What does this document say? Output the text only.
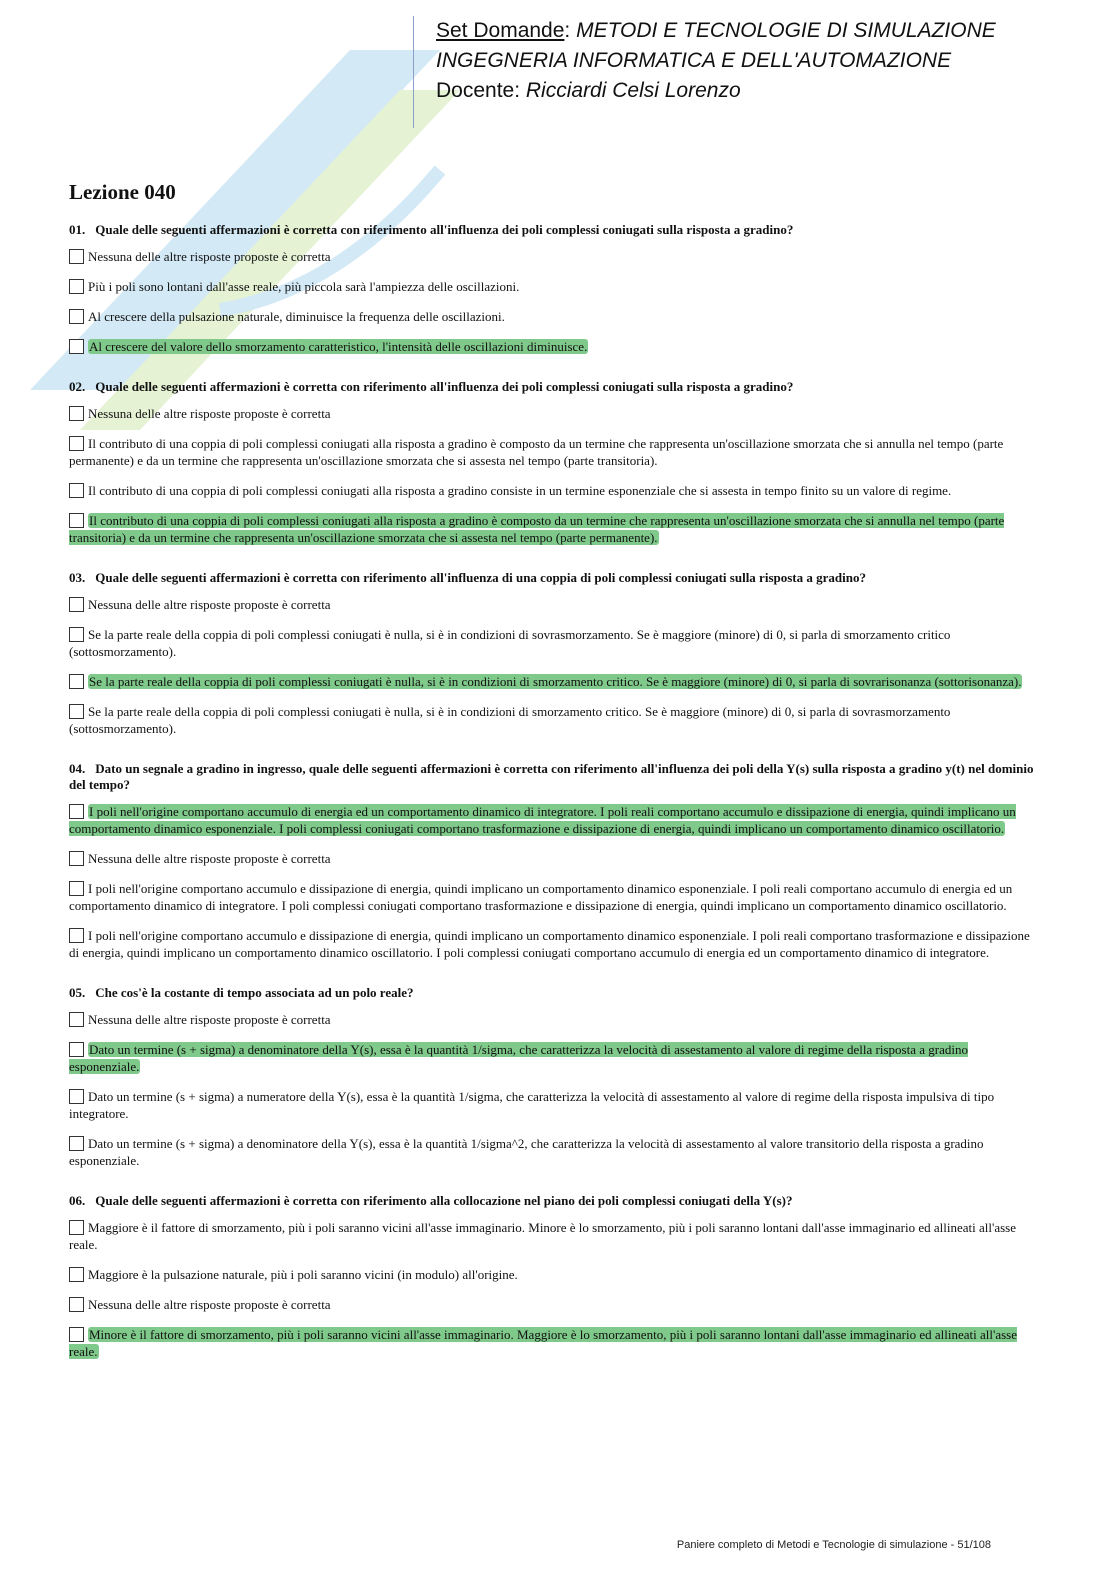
Set Domande: METODI E TECNOLOGIE DI SIMULAZIONE
INGEGNERIA INFORMATICA E DELL'AUTOMAZIONE
Docente: Ricciardi Celsi Lorenzo
Lezione 040

01. Quale delle seguenti affermazioni è corretta con riferimento all'influenza dei poli complessi coniugati sulla risposta a gradino?

Nessuna delle altre risposte proposte è corretta

Più i poli sono lontani dall'asse reale, più piccola sarà l'ampiezza delle oscillazioni.

Al crescere della pulsazione naturale, diminuisce la frequenza delle oscillazioni.

Al crescere del valore dello smorzamento caratteristico, l'intensità delle oscillazioni diminuisce.

02. Quale delle seguenti affermazioni è corretta con riferimento all'influenza dei poli complessi coniugati sulla risposta a gradino?

Nessuna delle altre risposte proposte è corretta

Il contributo di una coppia di poli complessi coniugati alla risposta a gradino è composto da un termine che rappresenta un'oscillazione smorzata che si annulla nel tempo (parte permanente) e da un termine che rappresenta un'oscillazione smorzata che si assesta nel tempo (parte transitoria).

Il contributo di una coppia di poli complessi coniugati alla risposta a gradino consiste in un termine esponenziale che si assesta in tempo finito su un valore di regime.

Il contributo di una coppia di poli complessi coniugati alla risposta a gradino è composto da un termine che rappresenta un'oscillazione smorzata che si annulla nel tempo (parte transitoria) e da un termine che rappresenta un'oscillazione smorzata che si assesta nel tempo (parte permanente).

03. Quale delle seguenti affermazioni è corretta con riferimento all'influenza di una coppia di poli complessi coniugati sulla risposta a gradino?

Nessuna delle altre risposte proposte è corretta

Se la parte reale della coppia di poli complessi coniugati è nulla, si è in condizioni di sovrasmorzamento. Se è maggiore (minore) di 0, si parla di smorzamento critico (sottosmorzamento).

Se la parte reale della coppia di poli complessi coniugati è nulla, si è in condizioni di smorzamento critico. Se è maggiore (minore) di 0, si parla di sovrarisonanza (sottorisonanza).

Se la parte reale della coppia di poli complessi coniugati è nulla, si è in condizioni di smorzamento critico. Se è maggiore (minore) di 0, si parla di sovrasmorzamento (sottosmorzamento).

04. Dato un segnale a gradino in ingresso, quale delle seguenti affermazioni è corretta con riferimento all'influenza dei poli della Y(s) sulla risposta a gradino y(t) nel dominio del tempo?

I poli nell'origine comportano accumulo di energia ed un comportamento dinamico di integratore. I poli reali comportano accumulo e dissipazione di energia, quindi implicano un comportamento dinamico esponenziale. I poli complessi coniugati comportano trasformazione e dissipazione di energia, quindi implicano un comportamento dinamico oscillatorio.

Nessuna delle altre risposte proposte è corretta

I poli nell'origine comportano accumulo e dissipazione di energia, quindi implicano un comportamento dinamico esponenziale. I poli reali comportano accumulo di energia ed un comportamento dinamico di integratore. I poli complessi coniugati comportano trasformazione e dissipazione di energia, quindi implicano un comportamento dinamico oscillatorio.

I poli nell'origine comportano accumulo e dissipazione di energia, quindi implicano un comportamento dinamico esponenziale. I poli reali comportano trasformazione e dissipazione di energia, quindi implicano un comportamento dinamico oscillatorio. I poli complessi coniugati comportano accumulo di energia ed un comportamento dinamico di integratore.

05. Che cos'è la costante di tempo associata ad un polo reale?

Nessuna delle altre risposte proposte è corretta

Dato un termine (s + sigma) a denominatore della Y(s), essa è la quantità 1/sigma, che caratterizza la velocità di assestamento al valore di regime della risposta a gradino esponenziale.

Dato un termine (s + sigma) a numeratore della Y(s), essa è la quantità 1/sigma, che caratterizza la velocità di assestamento al valore di regime della risposta impulsiva di tipo integratore.

Dato un termine (s + sigma) a denominatore della Y(s), essa è la quantità 1/sigma^2, che caratterizza la velocità di assestamento al valore transitorio della risposta a gradino esponenziale.

06. Quale delle seguenti affermazioni è corretta con riferimento alla collocazione nel piano dei poli complessi coniugati della Y(s)?

Maggiore è il fattore di smorzamento, più i poli saranno vicini all'asse immaginario. Minore è lo smorzamento, più i poli saranno lontani dall'asse immaginario ed allineati all'asse reale.

Maggiore è la pulsazione naturale, più i poli saranno vicini (in modulo) all'origine.

Nessuna delle altre risposte proposte è corretta

Minore è il fattore di smorzamento, più i poli saranno vicini all'asse immaginario. Maggiore è lo smorzamento, più i poli saranno lontani dall'asse immaginario ed allineati all'asse reale.

Paniere completo di Metodi e Tecnologie di simulazione - 51/108
